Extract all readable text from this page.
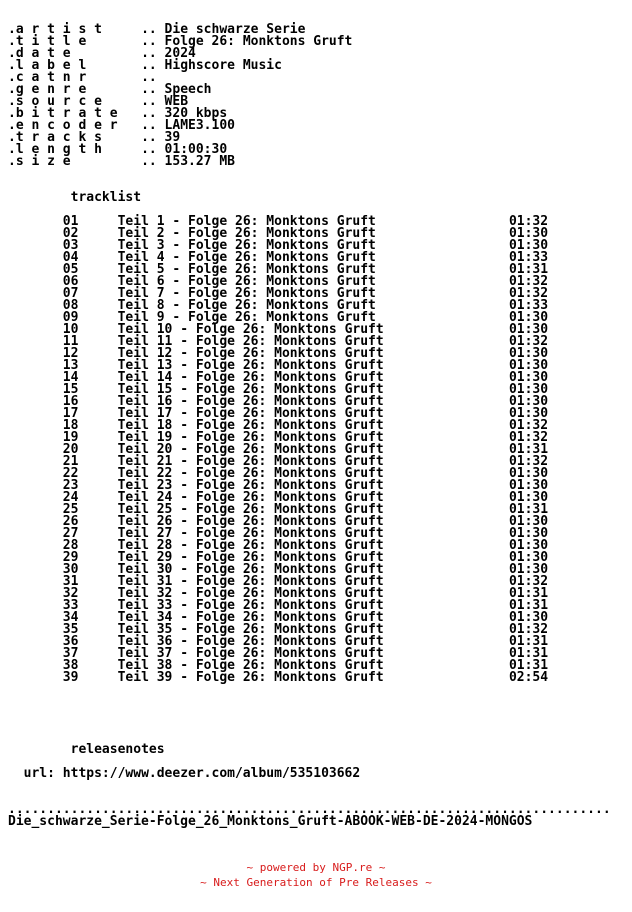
.a r t i s t     .. Die schwarze Serie
.t i t l e       .. Folge 26: Monktons Gruft
.d a t e         .. 2024
.l a b e l       .. Highscore Music
.c a t n r       ..
.g e n r e       .. Speech
.s o u r c e     .. WEB
.b i t r a t e   .. 320 kbps
.e n c o d e r   .. LAME3.100
.t r a c k s     .. 39
.l e n g t h     .. 01:00:30
.s i z e         .. 153.27 MB
tracklist

01     Teil 1 - Folge 26: Monktons Gruft                 01:32
02     Teil 2 - Folge 26: Monktons Gruft                 01:30
03     Teil 3 - Folge 26: Monktons Gruft                 01:30
04     Teil 4 - Folge 26: Monktons Gruft                 01:33
05     Teil 5 - Folge 26: Monktons Gruft                 01:31
06     Teil 6 - Folge 26: Monktons Gruft                 01:32
07     Teil 7 - Folge 26: Monktons Gruft                 01:32
08     Teil 8 - Folge 26: Monktons Gruft                 01:33
09     Teil 9 - Folge 26: Monktons Gruft                 01:30
10     Teil 10 - Folge 26: Monktons Gruft                01:30
11     Teil 11 - Folge 26: Monktons Gruft                01:32
12     Teil 12 - Folge 26: Monktons Gruft                01:30
13     Teil 13 - Folge 26: Monktons Gruft                01:30
14     Teil 14 - Folge 26: Monktons Gruft                01:30
15     Teil 15 - Folge 26: Monktons Gruft                01:30
16     Teil 16 - Folge 26: Monktons Gruft                01:30
17     Teil 17 - Folge 26: Monktons Gruft                01:30
18     Teil 18 - Folge 26: Monktons Gruft                01:32
19     Teil 19 - Folge 26: Monktons Gruft                01:32
20     Teil 20 - Folge 26: Monktons Gruft                01:31
21     Teil 21 - Folge 26: Monktons Gruft                01:32
22     Teil 22 - Folge 26: Monktons Gruft                01:30
23     Teil 23 - Folge 26: Monktons Gruft                01:30
24     Teil 24 - Folge 26: Monktons Gruft                01:30
25     Teil 25 - Folge 26: Monktons Gruft                01:31
26     Teil 26 - Folge 26: Monktons Gruft                01:30
27     Teil 27 - Folge 26: Monktons Gruft                01:30
28     Teil 28 - Folge 26: Monktons Gruft                01:30
29     Teil 29 - Folge 26: Monktons Gruft                01:30
30     Teil 30 - Folge 26: Monktons Gruft                01:30
31     Teil 31 - Folge 26: Monktons Gruft                01:32
32     Teil 32 - Folge 26: Monktons Gruft                01:31
33     Teil 33 - Folge 26: Monktons Gruft                01:31
34     Teil 34 - Folge 26: Monktons Gruft                01:30
35     Teil 35 - Folge 26: Monktons Gruft                01:32
36     Teil 36 - Folge 26: Monktons Gruft                01:31
37     Teil 37 - Folge 26: Monktons Gruft                01:31
38     Teil 38 - Folge 26: Monktons Gruft                01:31
39     Teil 39 - Folge 26: Monktons Gruft                02:54

releasenotes

url: https://www.deezer.com/album/535103662
.............................................................................
Die_schwarze_Serie-Folge_26_Monktons_Gruft-ABOOK-WEB-DE-2024-MONGOS
~ powered by NGP.re ~
~ Next Generation of Pre Releases ~
